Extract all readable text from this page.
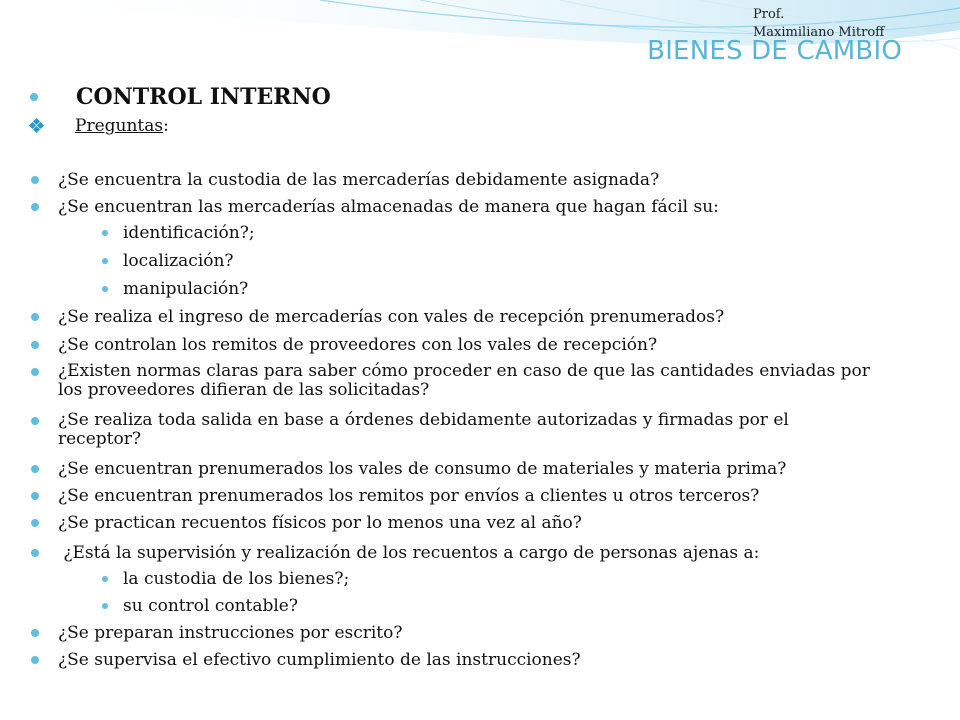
Prof.
Maximiliano Mitroff
BIENES DE CAMBIO
CONTROL INTERNO
Preguntas:
¿Se encuentra la custodia de las mercaderías debidamente asignada?
¿Se encuentran las mercaderías almacenadas de manera que hagan fácil su:
identificación?;
localización?
manipulación?
¿Se realiza el ingreso de mercaderías con vales de recepción prenumerados?
¿Se controlan los remitos de proveedores con los vales de recepción?
¿Existen normas claras para saber cómo proceder en caso de que las cantidades enviadas por
los proveedores difieran de las solicitadas?
¿Se realiza toda salida en base a órdenes debidamente autorizadas y firmadas por el
receptor?
¿Se encuentran prenumerados los vales de consumo de materiales y materia prima?
¿Se encuentran prenumerados los remitos por envíos a clientes u otros terceros?
¿Se practican recuentos físicos por lo menos una vez al año?
¿Está la supervisión y realización de los recuentos a cargo de personas ajenas a:
la custodia de los bienes?;
su control contable?
¿Se preparan instrucciones por escrito?
¿Se supervisa el efectivo cumplimiento de las instrucciones?
